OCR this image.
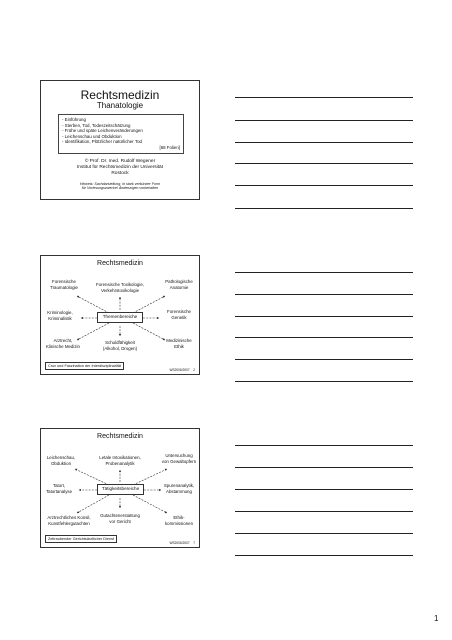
Rechtsmedizin
Thanatologie
- Einführung
- Sterben, Tod, Todeszeitschätzung
- Frühe und späte Leichenveränderungen
- Leichenschau und Obduktion
- Identifikation, Plötzlicher natürlicher Tod
[68 Folien]
© Prof. Dr. med. Rudolf Wegener
Institut für Rechtsmedizin der Universität
Rostock
Hinweis: Sachdarstellung, in stark verkürzter Form
für Vorlesungszwecke! Änderungen vorbehalten
Rechtsmedizin
Forensische
Traumatologie
Forensische Toxikologie,
Verkehrstoxikologie
Pathologische
Anatomie
Kriminologie,
Kriminalistik
Forensische
Genetik
Arztrecht,
Klinische Medizin
Schuldfähigkeit
(Alkohol, Drogen)
Medizinische
Ethik
Themenbereiche
Crux und Faszination der Interdisziplinarität
WS2006/2007 2
Rechtsmedizin
Leichenschau,
Obduktion
Letale Intoxikationen,
Probenanalytik
Untersuchung
von Gewaltopfern
Tatort,
Tatortanalyse
Spurenanalytik,
Abstammung
Arztrechtliches Konsil,
Kunstfehlergutachten
Gutachtenerstattung
vor Gericht
Ethik-
kommissionen
Tätigkeitsbereiche
Zeitraubender Gerichtsärztlicher Dienst
WS2006/2007 7
1
